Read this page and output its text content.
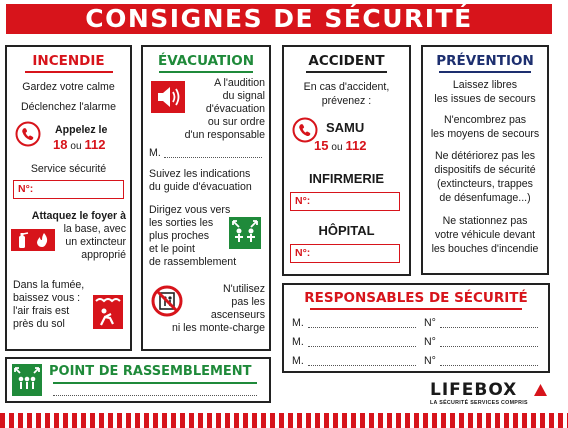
CONSIGNES DE SÉCURITÉ
INCENDIE
Gardez votre calme
Déclenchez l'alarme
Appelez le
18 ou 112
Service sécurité
N°:
Attaquez le foyer à
la base, avec
un extincteur
approprié
Dans la fumée,
baissez vous :
l'air frais est
près du sol
ÉVACUATION
A l'audition
du signal
d'évacuation
ou sur ordre
d'un responsable
M.
Suivez les indications
du guide d'évacuation
Dirigez vous vers
les sorties les
plus proches
et le point
de rassemblement
N'utilisez
pas les
ascenseurs
ni les monte-charge
ACCIDENT
En cas d'accident,
prévenez :
SAMU
15 ou 112
INFIRMERIE
N°:
HÔPITAL
N°:
PRÉVENTION
Laissez libres
les issues de secours
N'encombrez pas
les moyens de secours
Ne détériorez pas les
dispositifs de sécurité
(extincteurs, trappes
de désenfumage...)
Ne stationnez pas
votre véhicule devant
les bouches d'incendie
RESPONSABLES DE SÉCURITÉ
M.	N°
M.	N°
M.	N°
POINT DE RASSEMBLEMENT
LIFEBOX
LA SÉCURITÉ SERVICES COMPRIS
